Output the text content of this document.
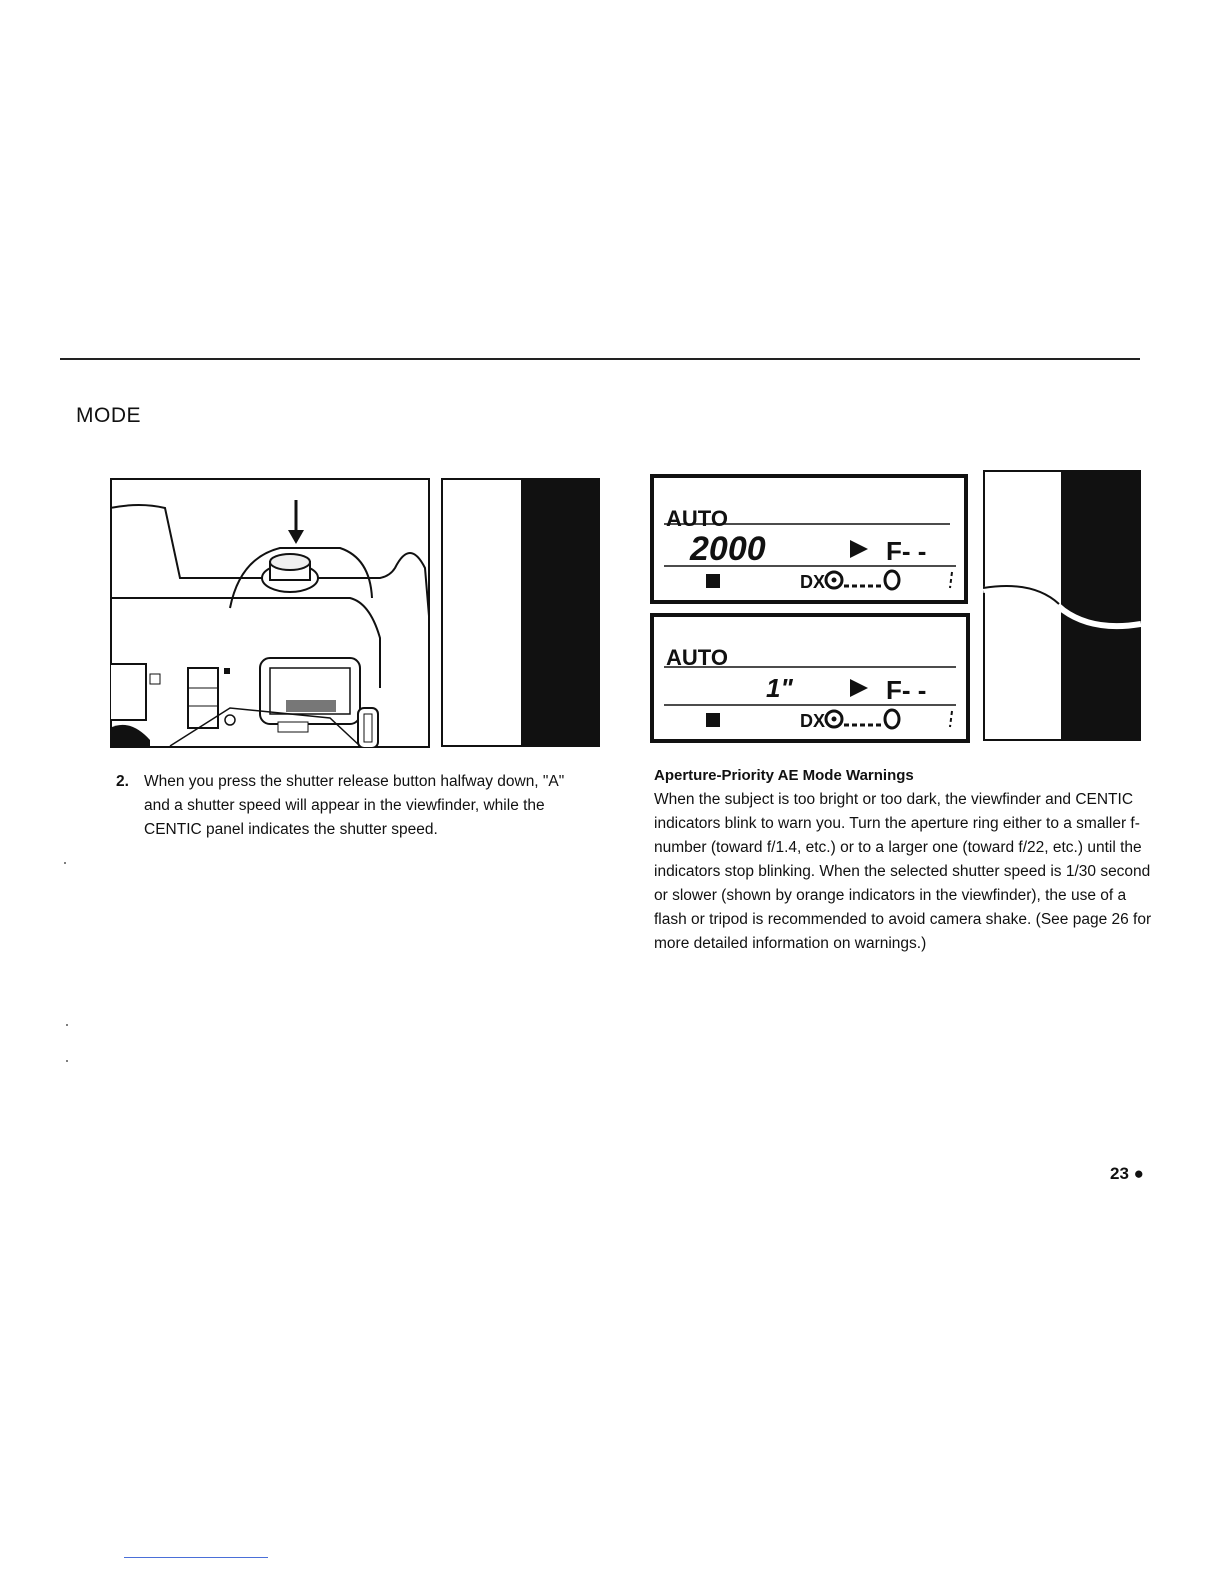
MODE
AUTO
2000	F- -
DX
AUTO
1"	F- -
DX
2. When you press the shutter release button halfway down, "A" and a shutter speed will appear in the viewfinder, while the CENTIC panel indicates the shutter speed.
Aperture-Priority AE Mode Warnings
When the subject is too bright or too dark, the viewfinder and CENTIC indicators blink to warn you. Turn the aperture ring either to a smaller f-number (toward f/1.4, etc.) or to a larger one (toward f/22, etc.) until the indicators stop blinking. When the selected shutter speed is 1/30 second or slower (shown by orange indicators in the viewfinder), the use of a flash or tripod is recommended to avoid camera shake. (See page 26 for more detailed information on warnings.)
23 ●
